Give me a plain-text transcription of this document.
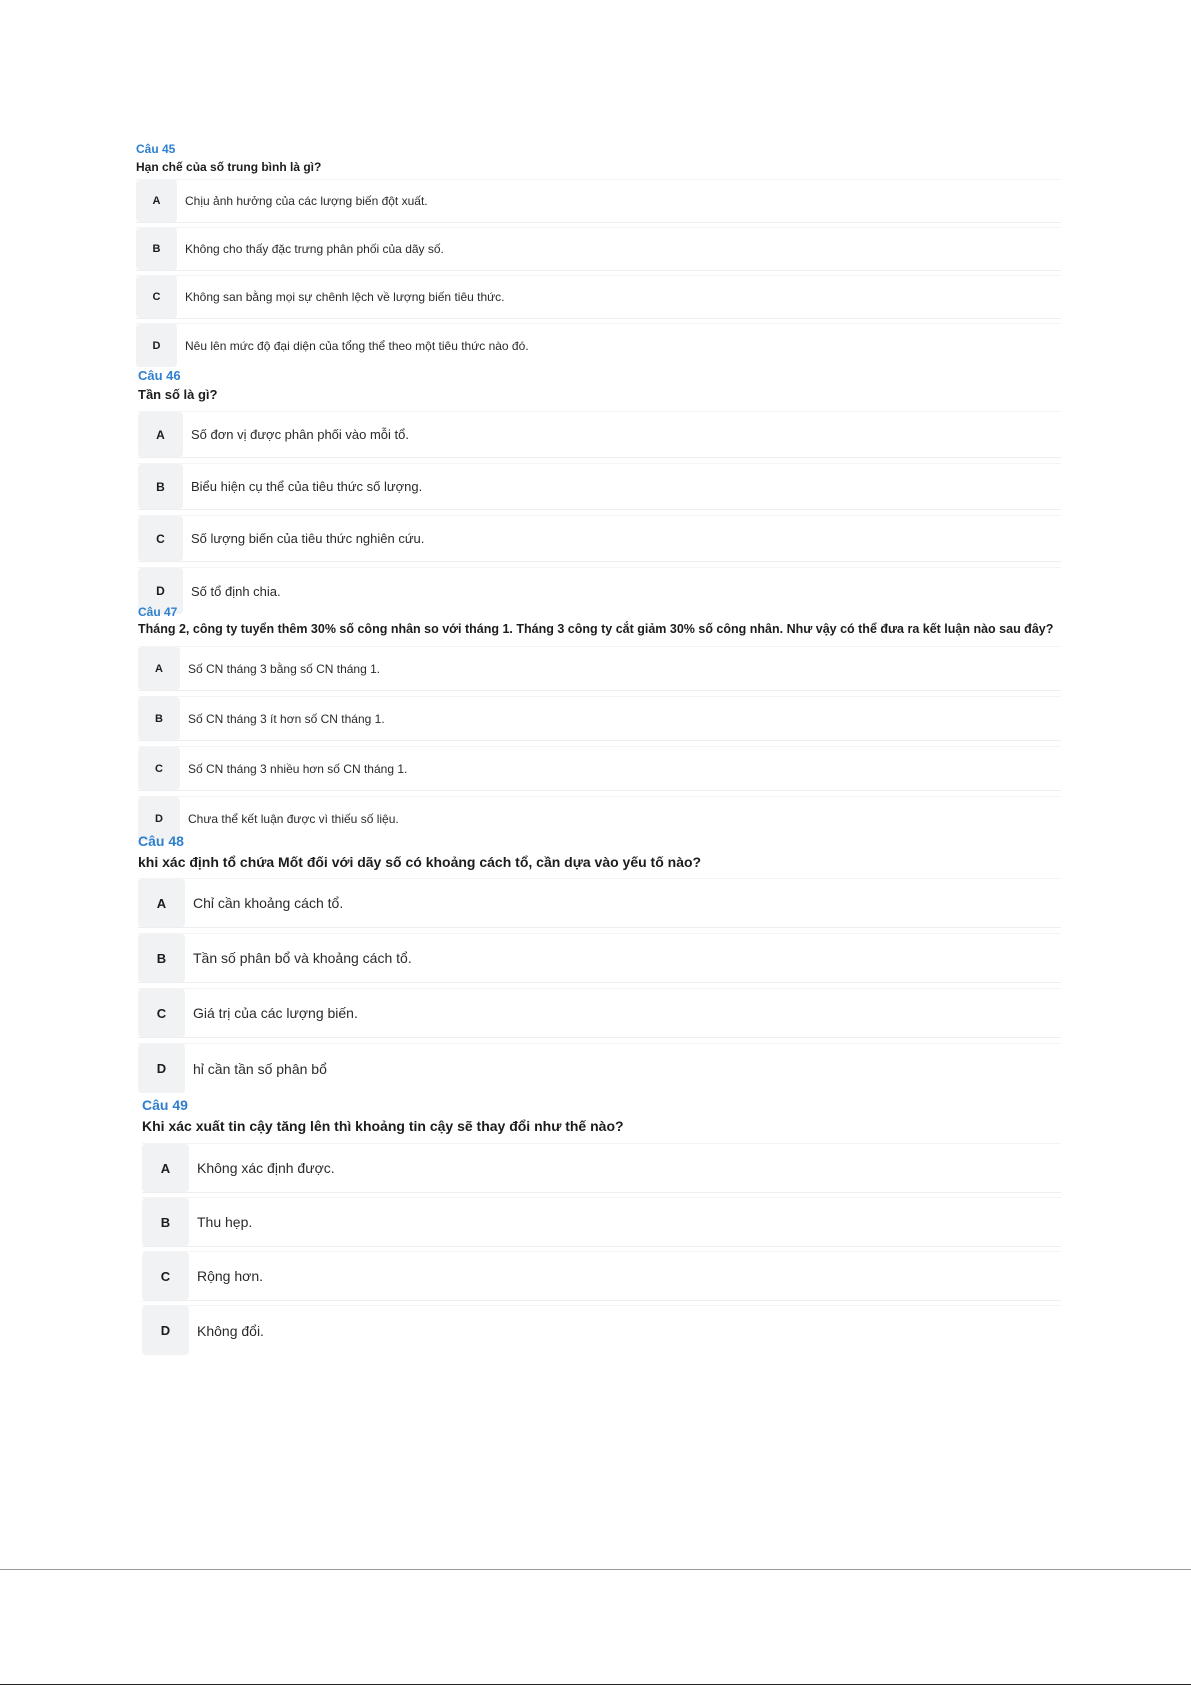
Câu 45
Hạn chế của số trung bình là gì?
A	Chịu ảnh hưởng của các lượng biến đột xuất.
B	Không cho thấy đặc trưng phân phối của dãy số.
C	Không san bằng mọi sự chênh lệch về lượng biến tiêu thức.
D	Nêu lên mức độ đại diện của tổng thể theo một tiêu thức nào đó.
Câu 46
Tần số là gì?
A	Số đơn vị được phân phối vào mỗi tổ.
B	Biểu hiện cụ thể của tiêu thức số lượng.
C	Số lượng biến của tiêu thức nghiên cứu.
D	Số tổ định chia.
Câu 47
Tháng 2, công ty tuyển thêm 30% số công nhân so với tháng 1. Tháng 3 công ty cắt giảm 30% số công nhân. Như vậy có thể đưa ra kết luận nào sau đây?
A	Số CN tháng 3 bằng số CN tháng 1.
B	Số CN tháng 3 ít hơn số CN tháng 1.
C	Số CN tháng 3 nhiều hơn số CN tháng 1.
D	Chưa thể kết luận được vì thiếu số liệu.
Câu 48
khi xác định tổ chứa Mốt đối với dãy số có khoảng cách tổ, cần dựa vào yếu tố nào?
A	Chỉ cần khoảng cách tổ.
B	Tần số phân bổ và khoảng cách tổ.
C	Giá trị của các lượng biến.
D	hỉ cần tần số phân bổ
Câu 49
Khi xác xuất tin cậy tăng lên thì khoảng tin cậy sẽ thay đổi như thế nào?
A	Không xác định được.
B	Thu hẹp.
C	Rộng hơn.
D	Không đổi.
